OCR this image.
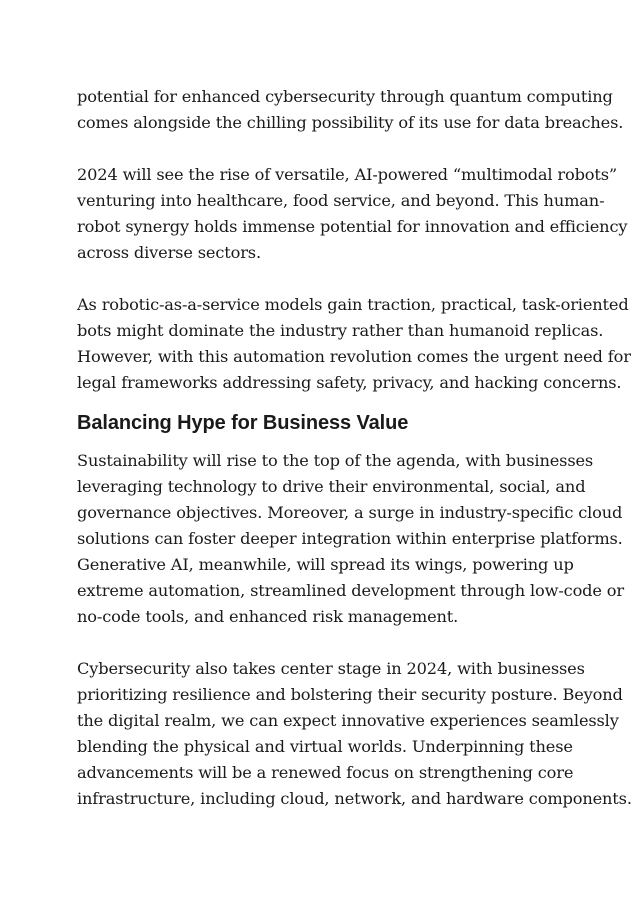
potential for enhanced cybersecurity through quantum computing
comes alongside the chilling possibility of its use for data breaches.

2024 will see the rise of versatile, AI-powered “multimodal robots”
venturing into healthcare, food service, and beyond. This human-
robot synergy holds immense potential for innovation and efficiency
across diverse sectors.

As robotic-as-a-service models gain traction, practical, task-oriented
bots might dominate the industry rather than humanoid replicas.
However, with this automation revolution comes the urgent need for
legal frameworks addressing safety, privacy, and hacking concerns.

Balancing Hype for Business Value

Sustainability will rise to the top of the agenda, with businesses
leveraging technology to drive their environmental, social, and
governance objectives. Moreover, a surge in industry-specific cloud
solutions can foster deeper integration within enterprise platforms.
Generative AI, meanwhile, will spread its wings, powering up
extreme automation, streamlined development through low-code or
no-code tools, and enhanced risk management.

Cybersecurity also takes center stage in 2024, with businesses
prioritizing resilience and bolstering their security posture. Beyond
the digital realm, we can expect innovative experiences seamlessly
blending the physical and virtual worlds. Underpinning these
advancements will be a renewed focus on strengthening core
infrastructure, including cloud, network, and hardware components.
